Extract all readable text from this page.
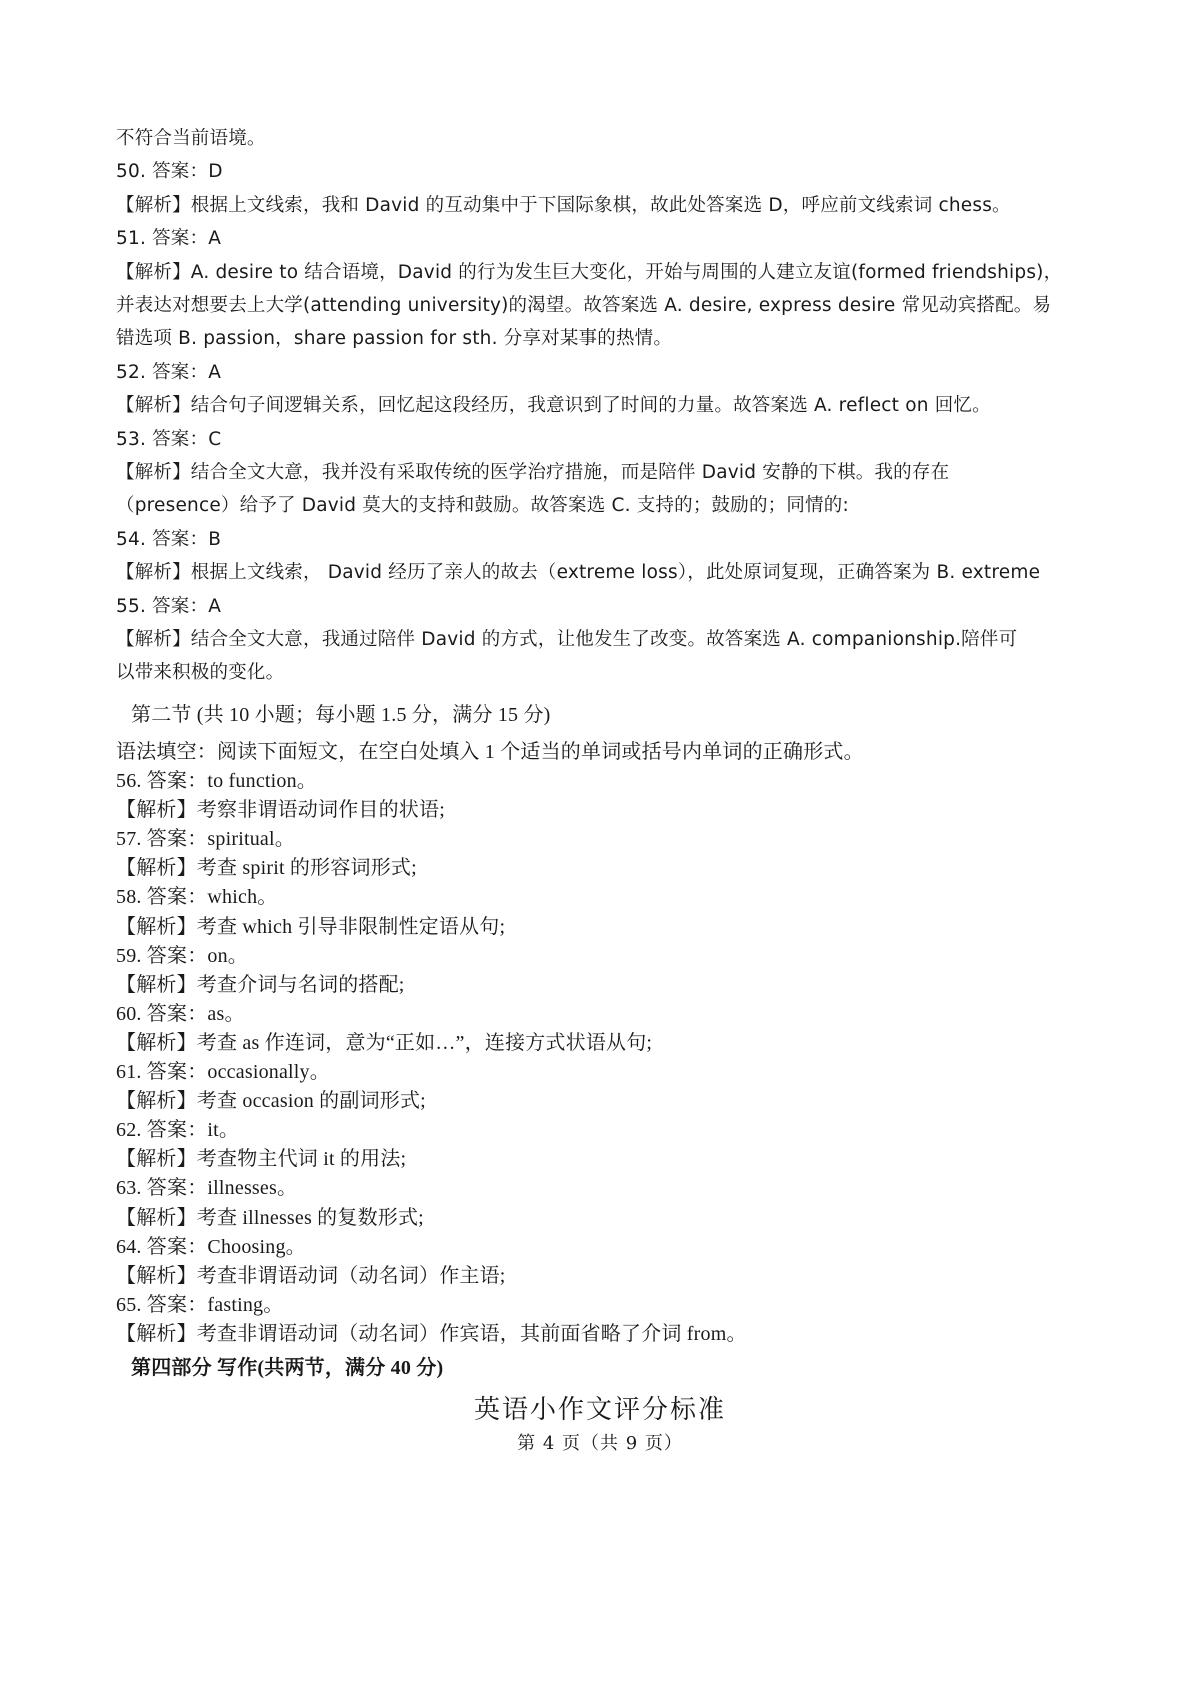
不符合当前语境。
50. 答案：D
【解析】根据上文线索，我和 David 的互动集中于下国际象棋，故此处答案选 D，呼应前文线索词 chess。
51. 答案：A
【解析】A. desire to 结合语境，David 的行为发生巨大变化，开始与周围的人建立友谊(formed friendships)，
并表达对想要去上大学(attending university)的渴望。故答案选 A. desire, express desire 常见动宾搭配。易
错选项 B. passion，share passion for sth. 分享对某事的热情。
52. 答案：A
【解析】结合句子间逻辑关系，回忆起这段经历，我意识到了时间的力量。故答案选 A. reflect on 回忆。
53. 答案：C
【解析】结合全文大意，我并没有采取传统的医学治疗措施，而是陪伴 David 安静的下棋。我的存在
（presence）给予了 David 莫大的支持和鼓励。故答案选 C. 支持的；鼓励的；同情的:
54. 答案：B
【解析】根据上文线索， David 经历了亲人的故去（extreme loss），此处原词复现，正确答案为 B. extreme
55. 答案：A
【解析】结合全文大意，我通过陪伴 David 的方式，让他发生了改变。故答案选 A. companionship.陪伴可
以带来积极的变化。
第二节 (共 10 小题；每小题 1.5 分，满分 15 分)
语法填空：阅读下面短文，在空白处填入 1 个适当的单词或括号内单词的正确形式。
56. 答案：to function。
【解析】考察非谓语动词作目的状语;
57. 答案：spiritual。
【解析】考查 spirit 的形容词形式;
58. 答案：which。
【解析】考查 which 引导非限制性定语从句;
59. 答案：on。
【解析】考查介词与名词的搭配;
60. 答案：as。
【解析】考查 as 作连词，意为“正如…”，连接方式状语从句;
61. 答案：occasionally。
【解析】考查 occasion 的副词形式;
62. 答案：it。
【解析】考查物主代词 it 的用法;
63. 答案：illnesses。
【解析】考查 illnesses 的复数形式;
64. 答案：Choosing。
【解析】考查非谓语动词（动名词）作主语;
65. 答案：fasting。
【解析】考查非谓语动词（动名词）作宾语，其前面省略了介词 from。
第四部分 写作(共两节，满分 40 分)
英语小作文评分标准
第 4 页（共 9 页）
